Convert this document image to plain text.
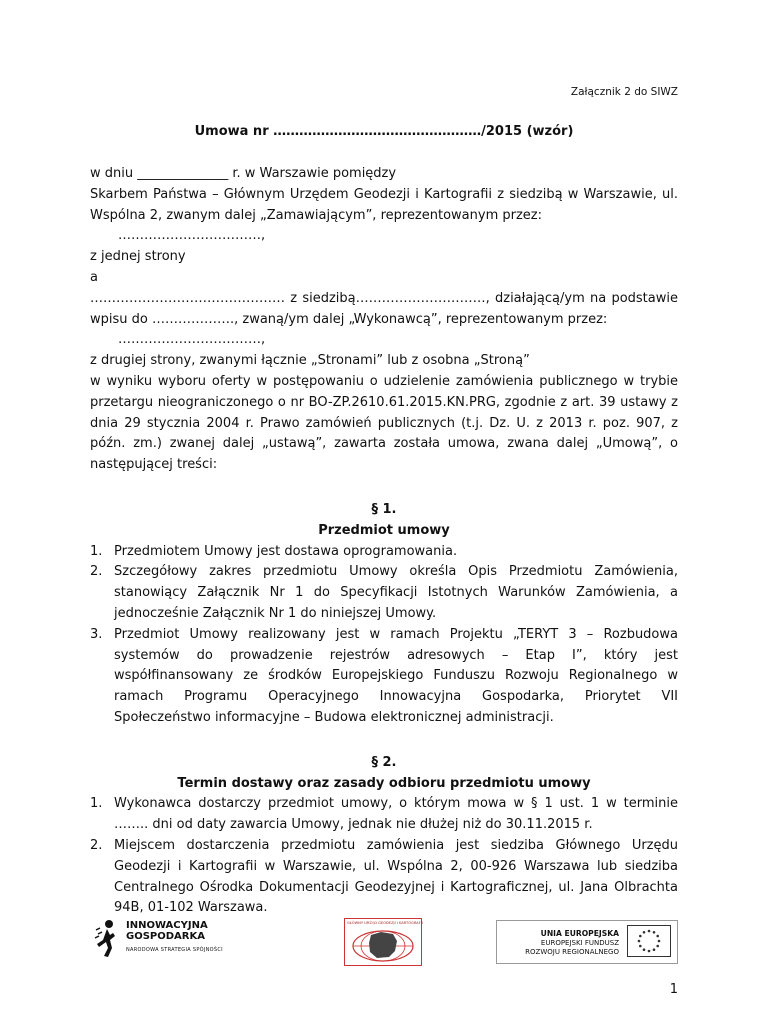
Załącznik 2 do SIWZ
Umowa nr …………………………………………/2015 (wzór)

w dniu ______________ r. w Warszawie pomiędzy

Skarbem Państwa – Głównym Urzędem Geodezji i Kartografii z siedzibą w Warszawie, ul. Wspólna 2, zwanym dalej „Zamawiającym”, reprezentowanym przez:

……………………………,

z jednej strony

a

……………………………………… z siedzibą…………………………, działającą/ym na podstawie wpisu do ………………., zwaną/ym dalej „Wykonawcą”, reprezentowanym przez:

……………………………,

z drugiej strony, zwanymi łącznie „Stronami” lub z osobna „Stroną”

w wyniku wyboru oferty w postępowaniu o udzielenie zamówienia publicznego w trybie przetargu nieograniczonego o nr BO-ZP.2610.61.2015.KN.PRG, zgodnie z art. 39 ustawy z dnia 29 stycznia 2004 r. Prawo zamówień publicznych (t.j. Dz. U. z 2013 r. poz. 907, z późn. zm.) zwanej dalej „ustawą”, zawarta została umowa, zwana dalej „Umową”, o następującej treści:

§ 1.

Przedmiot umowy

1. Przedmiotem Umowy jest dostawa oprogramowania.
2. Szczegółowy zakres przedmiotu Umowy określa Opis Przedmiotu Zamówienia, stanowiący Załącznik Nr 1 do Specyfikacji Istotnych Warunków Zamówienia, a jednocześnie Załącznik Nr 1 do niniejszej Umowy.
3. Przedmiot Umowy realizowany jest w ramach Projektu „TERYT 3 – Rozbudowa systemów do prowadzenie rejestrów adresowych – Etap I”, który jest współfinansowany ze środków Europejskiego Funduszu Rozwoju Regionalnego w ramach Programu Operacyjnego Innowacyjna Gospodarka, Priorytet VII Społeczeństwo informacyjne – Budowa elektronicznej administracji.

§ 2.

Termin dostawy oraz zasady odbioru przedmiotu umowy

1. Wykonawca dostarczy przedmiot umowy, o którym mowa w § 1 ust. 1 w terminie …….. dni od daty zawarcia Umowy, jednak nie dłużej niż do 30.11.2015 r.
2. Miejscem dostarczenia przedmiotu zamówienia jest siedziba Głównego Urzędu Geodezji i Kartografii w Warszawie, ul. Wspólna 2, 00-926 Warszawa lub siedziba Centralnego Ośrodka Dokumentacji Geodezyjnej i Kartograficznej, ul. Jana Olbrachta 94B, 01-102 Warszawa.
INNOWACYJNA
GOSPODARKA
NARODOWA STRATEGIA SPÓJNOŚCI
GŁÓWNY URZĄD GEODEZJI I KARTOGRAFII
UNIA EUROPEJSKA
EUROPEJSKI FUNDUSZ
ROZWOJU REGIONALNEGO
1
